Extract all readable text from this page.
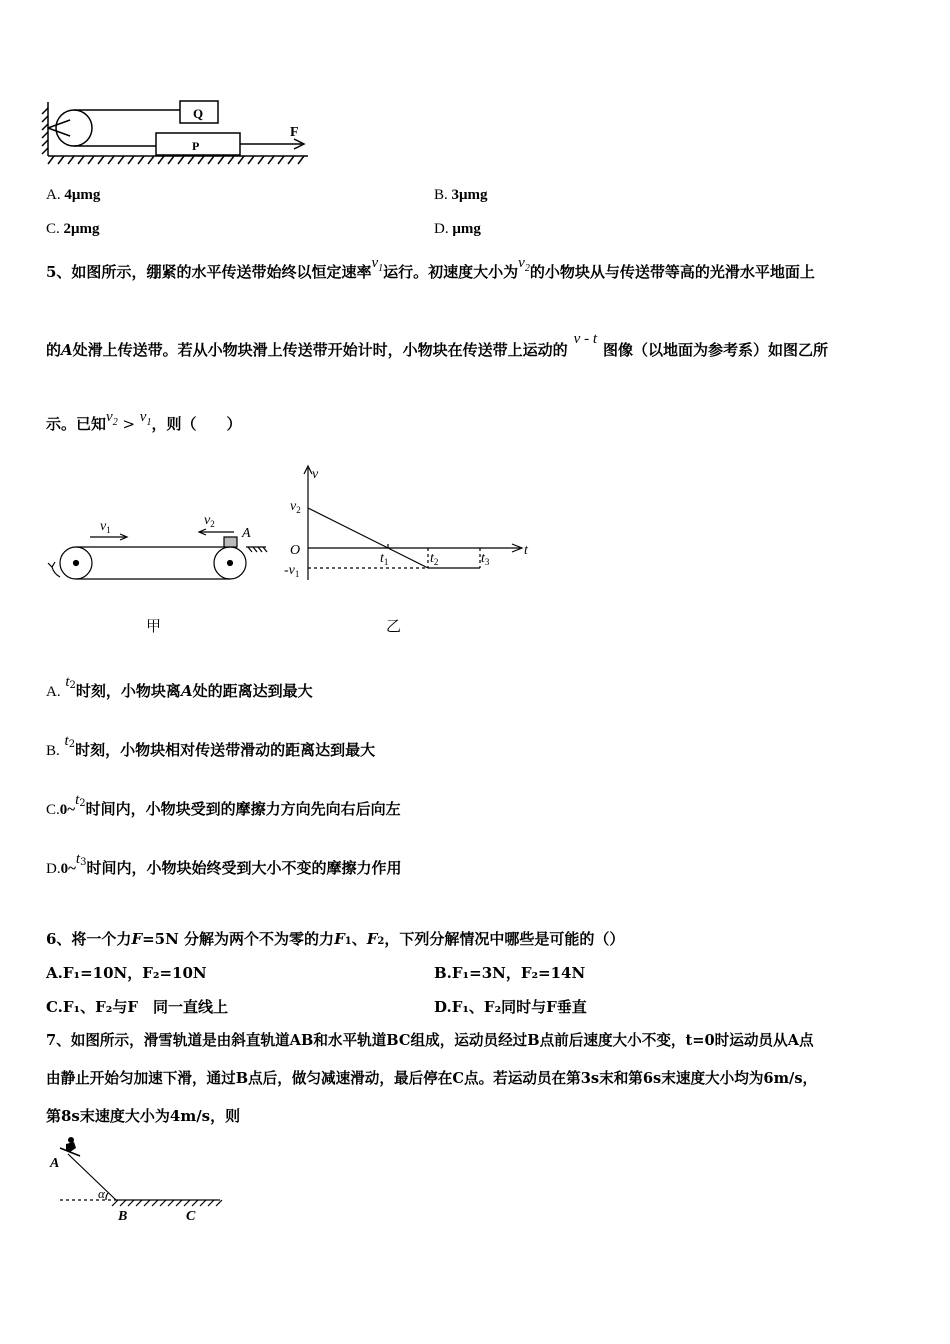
Q
P
F
A. 4μmg	B. 3μmg
C. 2μmg	D. μmg
5、如图所示，绷紧的水平传送带始终以恒定速率$v_1$运行。初速度大小为$v_2$的小物块从与传送带等高的光滑水平地面上
的A处滑上传送带。若从小物块滑上传送带开始计时，小物块在传送带上运动的v - t图像（以地面为参考系）如图乙所
示。已知$v_2 > v_1$，则（　　）
$v_1$
$v_2$
A
v
t
O
$v_2$
$-v_1$
$t_1$	$t_2$	$t_3$
甲	乙
A. $t^2$时刻，小物块离A处的距离达到最大
B. $t^2$时刻，小物块相对传送带滑动的距离达到最大
$C.0\sim t^2$时间内，小物块受到的摩擦力方向先向右后向左
$D.0\sim t^3$时间内，小物块始终受到大小不变的摩擦力作用
6、将一个力F=5N 分解为两个不为零的力F1、F2，下列分解情况中哪些是可能的（）
A.F₁=10N，F₂=10N	B.F₁=3N，F₂=14N
C.F₁、F₂与F　同一直线上	D.F₁、F₂同时与F垂直
7、如图所示，滑雪轨道是由斜直轨道AB和水平轨道BC组成，运动员经过B点前后速度大小不变，t=0时运动员从A点
由静止开始匀加速下滑，通过B点后，做匀减速滑动，最后停在C点。若运动员在第3s末和第6s末速度大小均为6m/s，
第8s末速度大小为4m/s，则
A
α
B	C
